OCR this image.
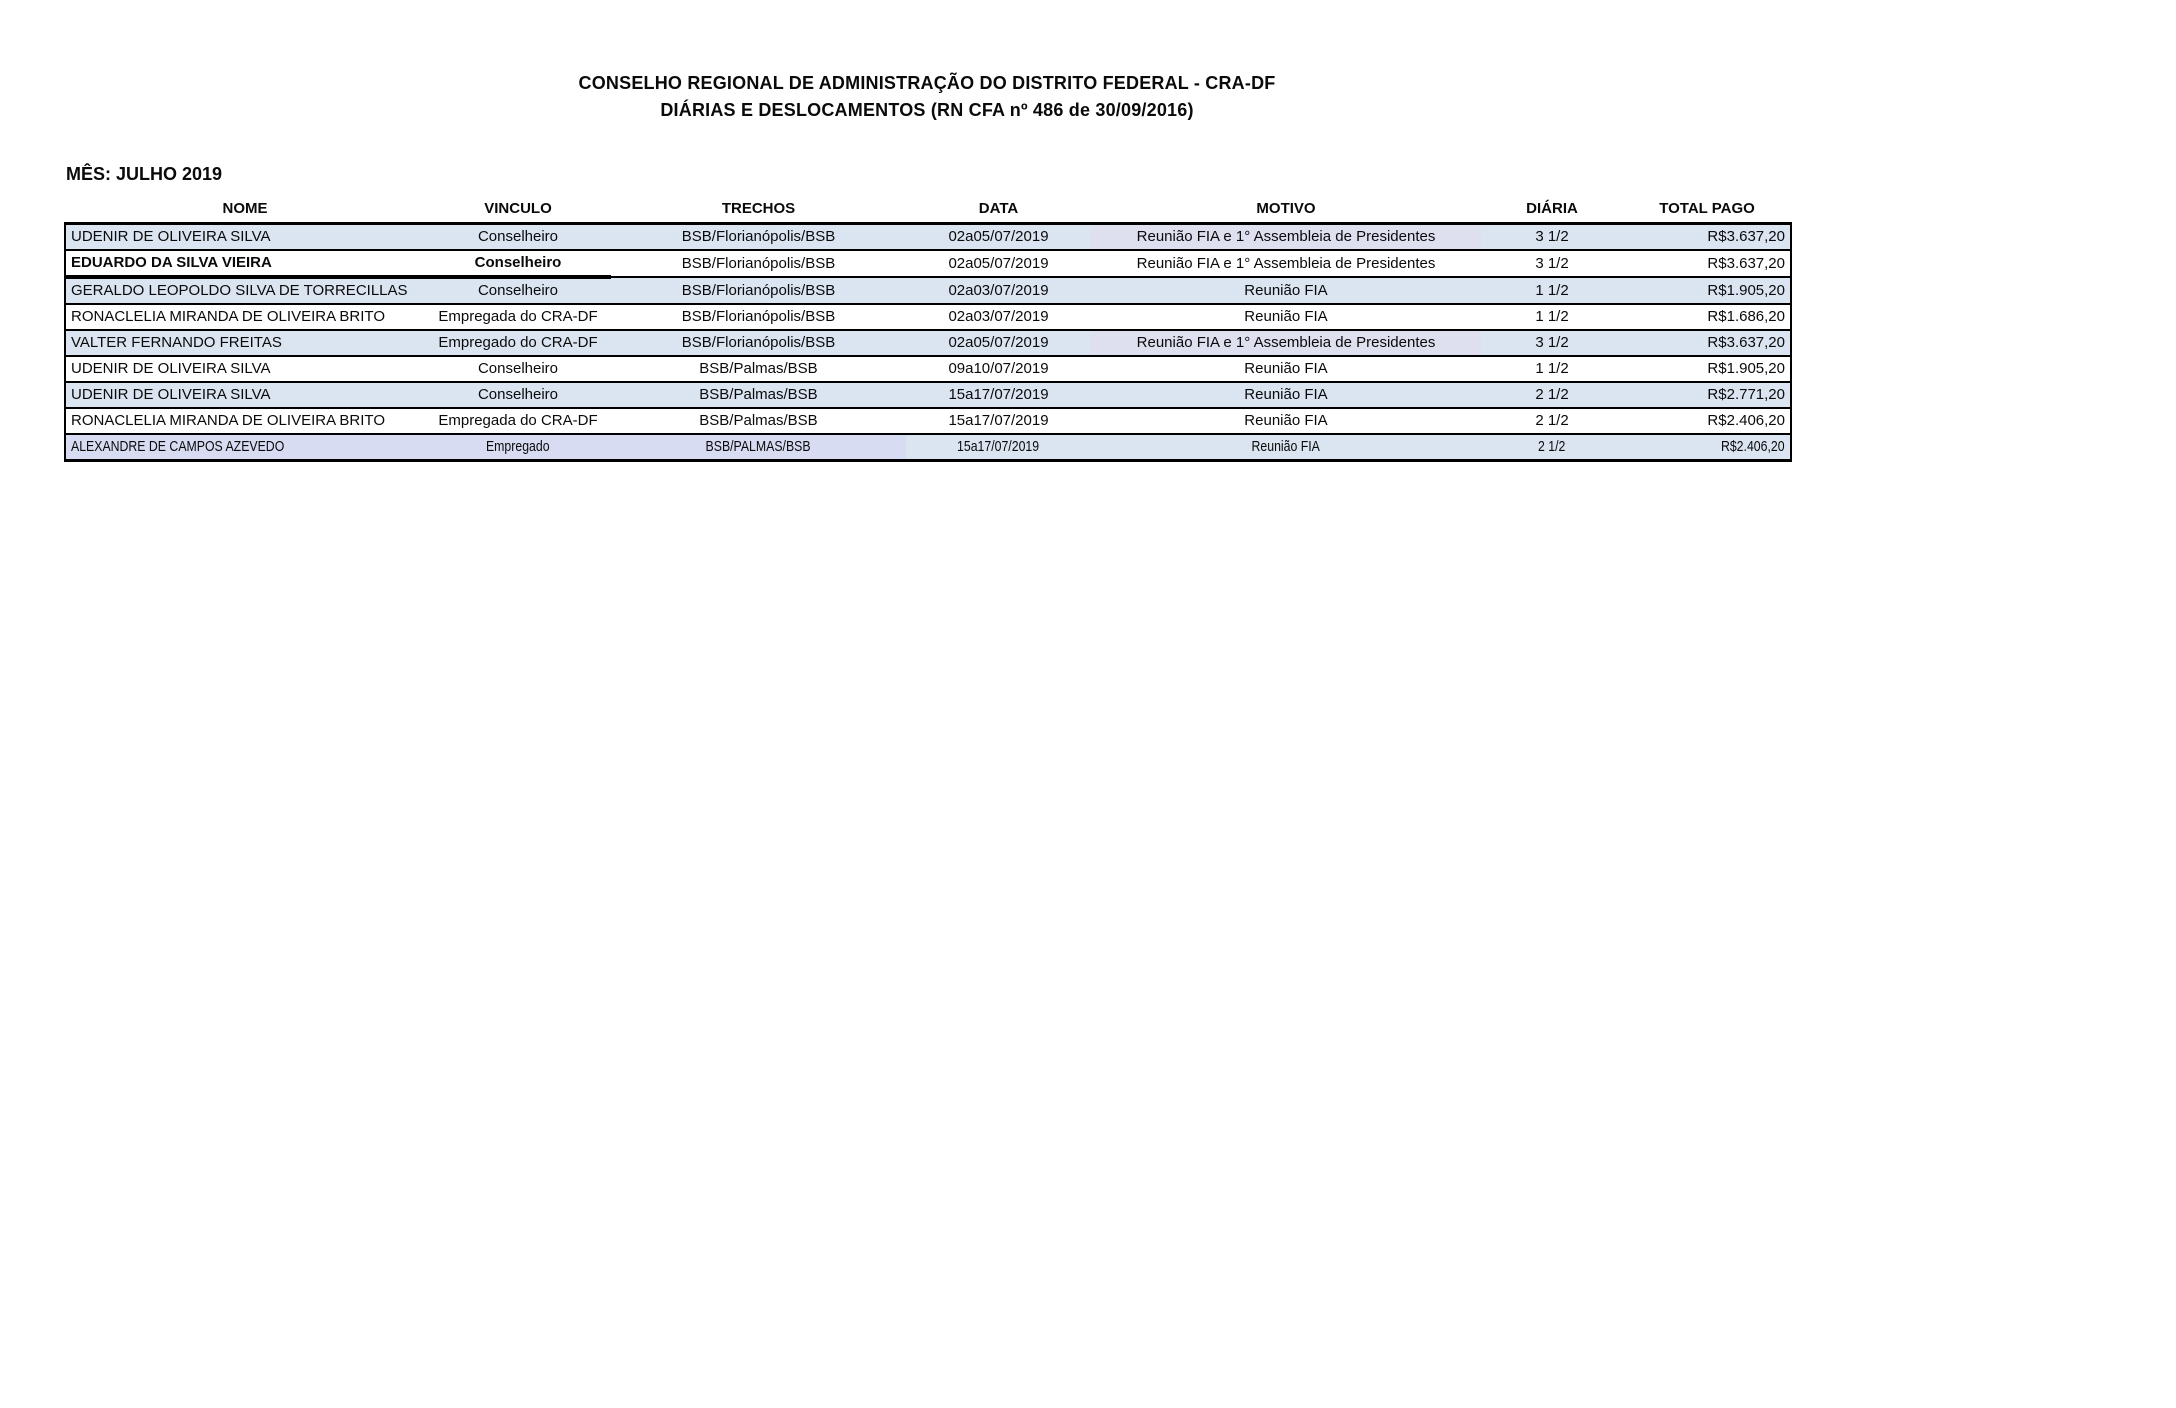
CONSELHO REGIONAL DE ADMINISTRAÇÃO DO DISTRITO FEDERAL - CRA-DF
DIÁRIAS E DESLOCAMENTOS (RN CFA nº 486 de 30/09/2016)
MÊS: JULHO 2019
NOME	VINCULO	TRECHOS	DATA	MOTIVO	DIÁRIA	TOTAL PAGO
UDENIR DE OLIVEIRA SILVA	Conselheiro	BSB/Florianópolis/BSB	02a05/07/2019	Reunião FIA e 1° Assembleia de Presidentes	3 1/2	R$3.637,20
EDUARDO DA SILVA VIEIRA	Conselheiro	BSB/Florianópolis/BSB	02a05/07/2019	Reunião FIA e 1° Assembleia de Presidentes	3 1/2	R$3.637,20
GERALDO LEOPOLDO SILVA DE TORRECILLAS	Conselheiro	BSB/Florianópolis/BSB	02a03/07/2019	Reunião FIA	1 1/2	R$1.905,20
RONACLELIA MIRANDA DE OLIVEIRA BRITO	Empregada do CRA-DF	BSB/Florianópolis/BSB	02a03/07/2019	Reunião FIA	1 1/2	R$1.686,20
VALTER FERNANDO FREITAS	Empregado do CRA-DF	BSB/Florianópolis/BSB	02a05/07/2019	Reunião FIA e 1° Assembleia de Presidentes	3 1/2	R$3.637,20
UDENIR DE OLIVEIRA SILVA	Conselheiro	BSB/Palmas/BSB	09a10/07/2019	Reunião FIA	1 1/2	R$1.905,20
UDENIR DE OLIVEIRA SILVA	Conselheiro	BSB/Palmas/BSB	15a17/07/2019	Reunião FIA	2 1/2	R$2.771,20
RONACLELIA MIRANDA DE OLIVEIRA BRITO	Empregada do CRA-DF	BSB/Palmas/BSB	15a17/07/2019	Reunião FIA	2 1/2	R$2.406,20
ALEXANDRE DE CAMPOS AZEVEDO	Empregado	BSB/PALMAS/BSB	15a17/07/2019	Reunião FIA	2 1/2	R$2.406,20
